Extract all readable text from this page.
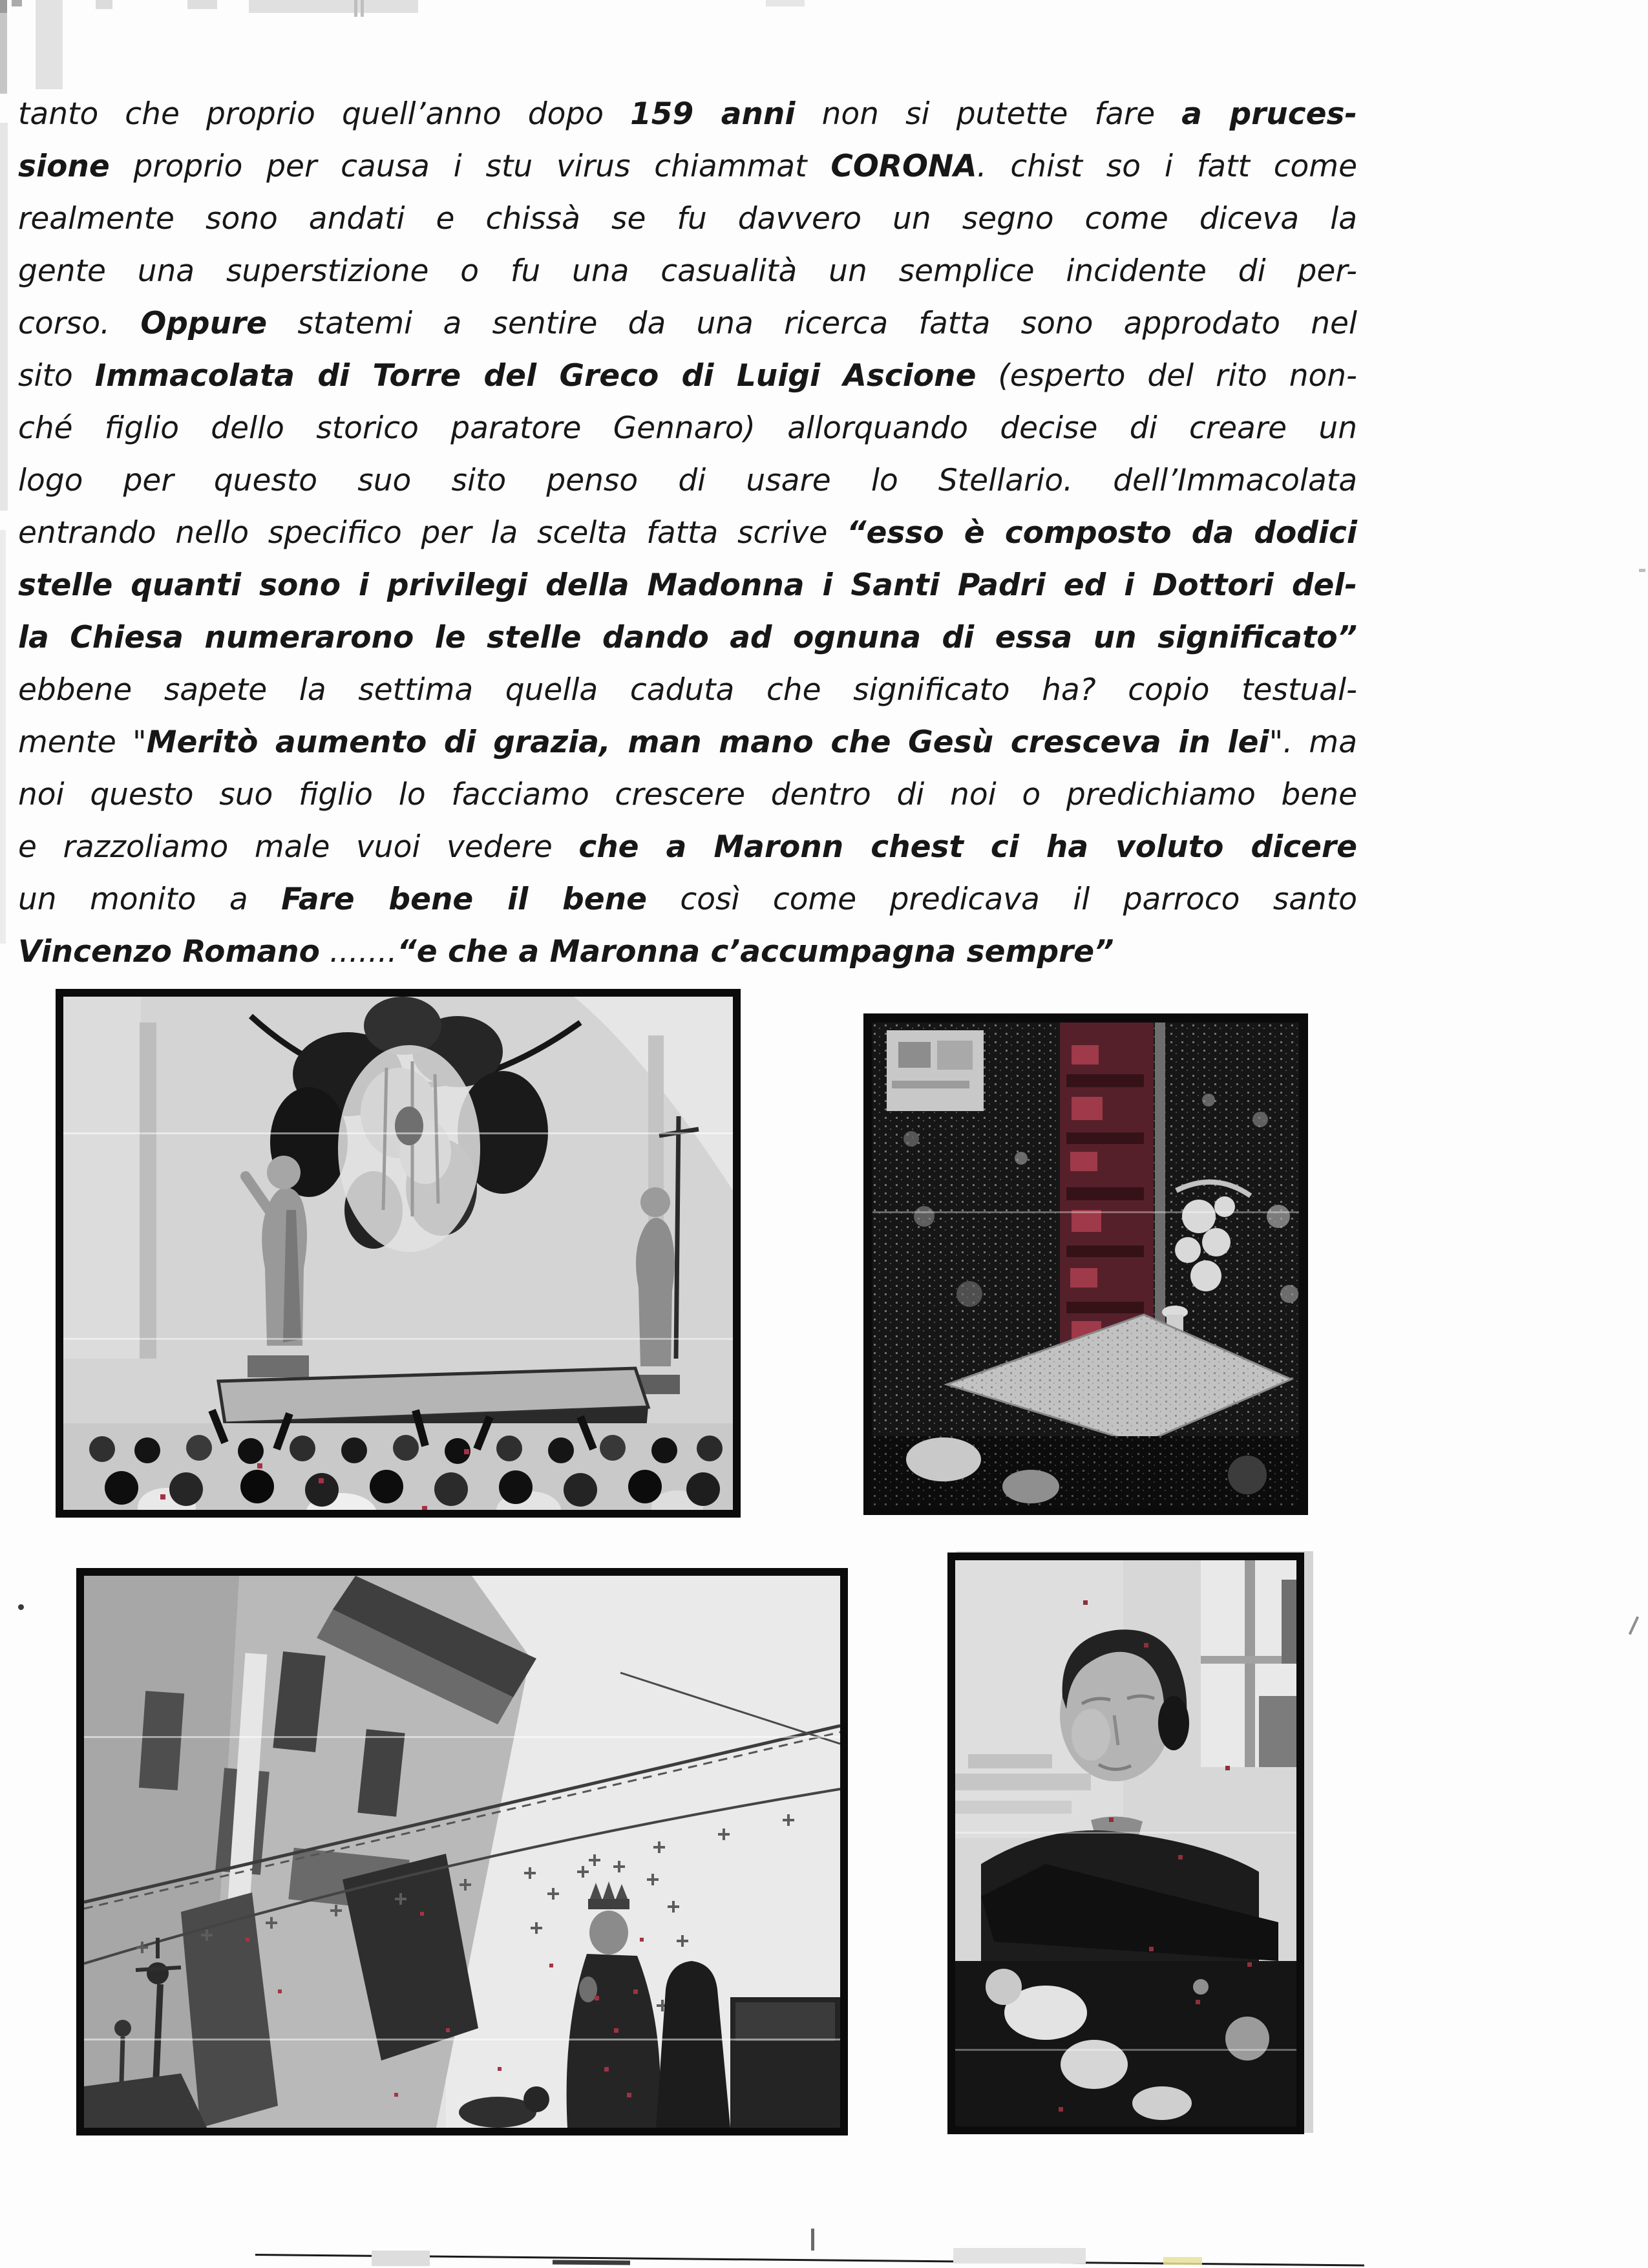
tanto che proprio quell’anno dopo 159 anni non si putette fare a pruces-
sione proprio per causa i stu virus chiammat CORONA. chist so i fatt come
realmente sono andati e chissà se fu davvero un segno come diceva la
gente una superstizione o fu una casualità un semplice incidente di per-
corso. Oppure statemi a sentire da una ricerca fatta sono approdato nel
sito Immacolata di Torre del Greco di Luigi Ascione (esperto del rito non-
ché figlio dello storico paratore Gennaro) allorquando decise di creare un
logo per questo suo sito penso di usare lo Stellario. dell’Immacolata
entrando nello specifico per la scelta fatta scrive “esso è composto da dodici
stelle quanti sono i privilegi della Madonna i Santi Padri ed i Dottori del-
la Chiesa numerarono le stelle dando ad ognuna di essa un significato”
ebbene sapete la settima quella caduta che significato ha? copio testual-
mente "Meritò aumento di grazia, man mano che Gesù cresceva in lei". ma
noi questo suo figlio lo facciamo crescere dentro di noi o predichiamo bene
e razzoliamo male vuoi vedere che a Maronn chest ci ha voluto dicere
un monito a Fare bene il bene così come predicava il parroco santo
Vincenzo Romano .......“e che a Maronna c’accumpagna sempre”
